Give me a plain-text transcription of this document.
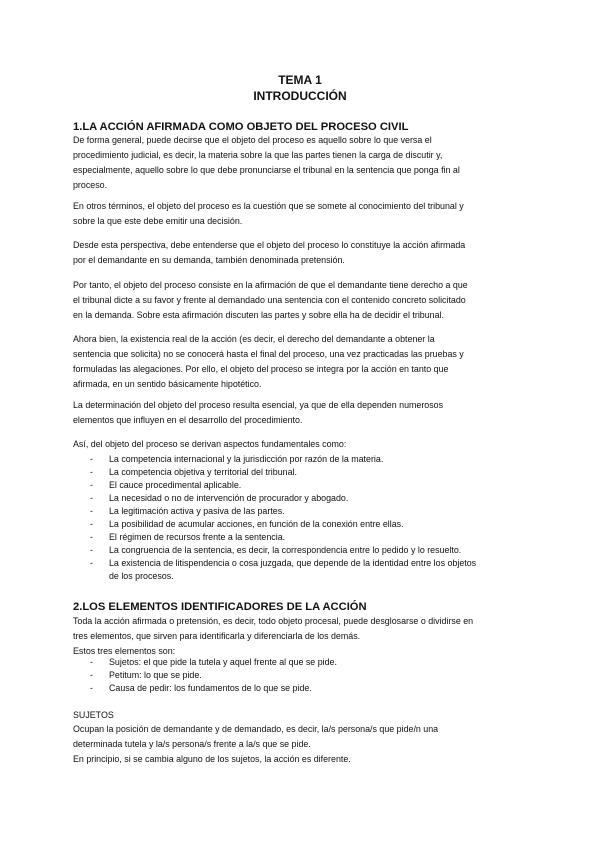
TEMA 1
INTRODUCCIÓN
1.LA ACCIÓN AFIRMADA COMO OBJETO DEL PROCESO CIVIL
De forma general, puede decirse que el objeto del proceso es aquello sobre lo que versa el
procedimiento judicial, es decir, la materia sobre la que las partes tienen la carga de discutir y,
especialmente, aquello sobre lo que debe pronunciarse el tribunal en la sentencia que ponga fin al
proceso.
En otros términos, el objeto del proceso es la cuestión que se somete al conocimiento del tribunal y
sobre la que este debe emitir una decisión.
Desde esta perspectiva, debe entenderse que el objeto del proceso lo constituye la acción afirmada
por el demandante en su demanda, también denominada pretensión.
Por tanto, el objeto del proceso consiste en la afirmación de que el demandante tiene derecho a que
el tribunal dicte a su favor y frente al demandado una sentencia con el contenido concreto solicitado
en la demanda. Sobre esta afirmación discuten las partes y sobre ella ha de decidir el tribunal.
Ahora bien, la existencia real de la acción (es decir, el derecho del demandante a obtener la
sentencia que solicita) no se conocerá hasta el final del proceso, una vez practicadas las pruebas y
formuladas las alegaciones. Por ello, el objeto del proceso se integra por la acción en tanto que
afirmada, en un sentido básicamente hipotético.
La determinación del objeto del proceso resulta esencial, ya que de ella dependen numerosos
elementos que influyen en el desarrollo del procedimiento.
Así, del objeto del proceso se derivan aspectos fundamentales como:
- La competencia internacional y la jurisdicción por razón de la materia.
- La competencia objetiva y territorial del tribunal.
- El cauce procedimental aplicable.
- La necesidad o no de intervención de procurador y abogado.
- La legitimación activa y pasiva de las partes.
- La posibilidad de acumular acciones, en función de la conexión entre ellas.
- El régimen de recursos frente a la sentencia.
- La congruencia de la sentencia, es decir, la correspondencia entre lo pedido y lo resuelto.
- La existencia de litispendencia o cosa juzgada, que depende de la identidad entre los objetos
de los procesos.
2.LOS ELEMENTOS IDENTIFICADORES DE LA ACCIÓN
Toda la acción afirmada o pretensión, es decir, todo objeto procesal, puede desglosarse o dividirse en
tres elementos, que sirven para identificarla y diferenciarla de los demás.
Estos tres elementos son:
- Sujetos: el que pide la tutela y aquel frente al que se pide.
- Petitum: lo que se pide.
- Causa de pedir: los fundamentos de lo que se pide.
SUJETOS
Ocupan la posición de demandante y de demandado, es decir, la/s persona/s que pide/n una
determinada tutela y la/s persona/s frente a la/s que se pide.
En principio, si se cambia alguno de los sujetos, la acción es diferente.
